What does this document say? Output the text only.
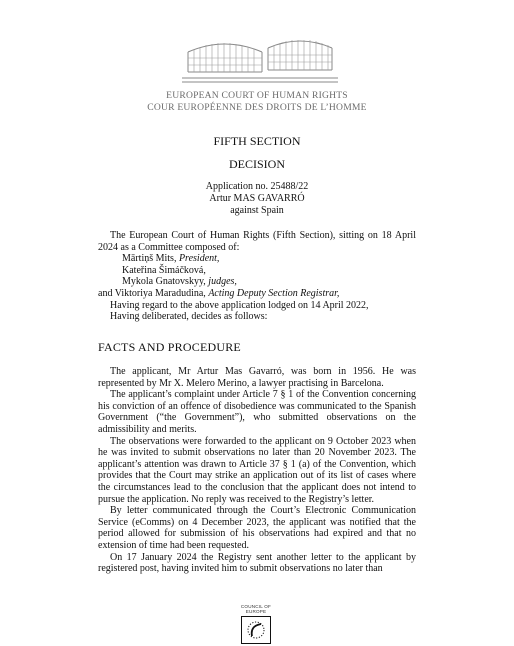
EUROPEAN COURT OF HUMAN RIGHTS
COUR EUROPÉENNE DES DROITS DE L’HOMME
FIFTH SECTION
DECISION
Application no. 25488/22
Artur MAS GAVARRÓ
against Spain

The European Court of Human Rights (Fifth Section), sitting on 18 April 2024 as a Committee composed of:

Mārtiņš Mits, President,

Kateřina Šimáčková,

Mykola Gnatovskyy, judges,

and Viktoriya Maradudina, Acting Deputy Section Registrar,

Having regard to the above application lodged on 14 April 2022,

Having deliberated, decides as follows:

FACTS AND PROCEDURE

The applicant, Mr Artur Mas Gavarró, was born in 1956. He was represented by Mr X. Melero Merino, a lawyer practising in Barcelona.

The applicant’s complaint under Article 7 § 1 of the Convention concerning his conviction of an offence of disobedience was communicated to the Spanish Government (“the Government”), who submitted observations on the admissibility and merits.

The observations were forwarded to the applicant on 9 October 2023 when he was invited to submit observations no later than 20 November 2023. The applicant’s attention was drawn to Article 37 § 1 (a) of the Convention, which provides that the Court may strike an application out of its list of cases where the circumstances lead to the conclusion that the applicant does not intend to pursue the application. No reply was received to the Registry’s letter.

By letter communicated through the Court’s Electronic Communication Service (eComms) on 4 December 2023, the applicant was notified that the period allowed for submission of his observations had expired and that no extension of time had been requested.

On 17 January 2024 the Registry sent another letter to the applicant by registered post, having invited him to submit observations no later than

COUNCIL OF EUROPE
